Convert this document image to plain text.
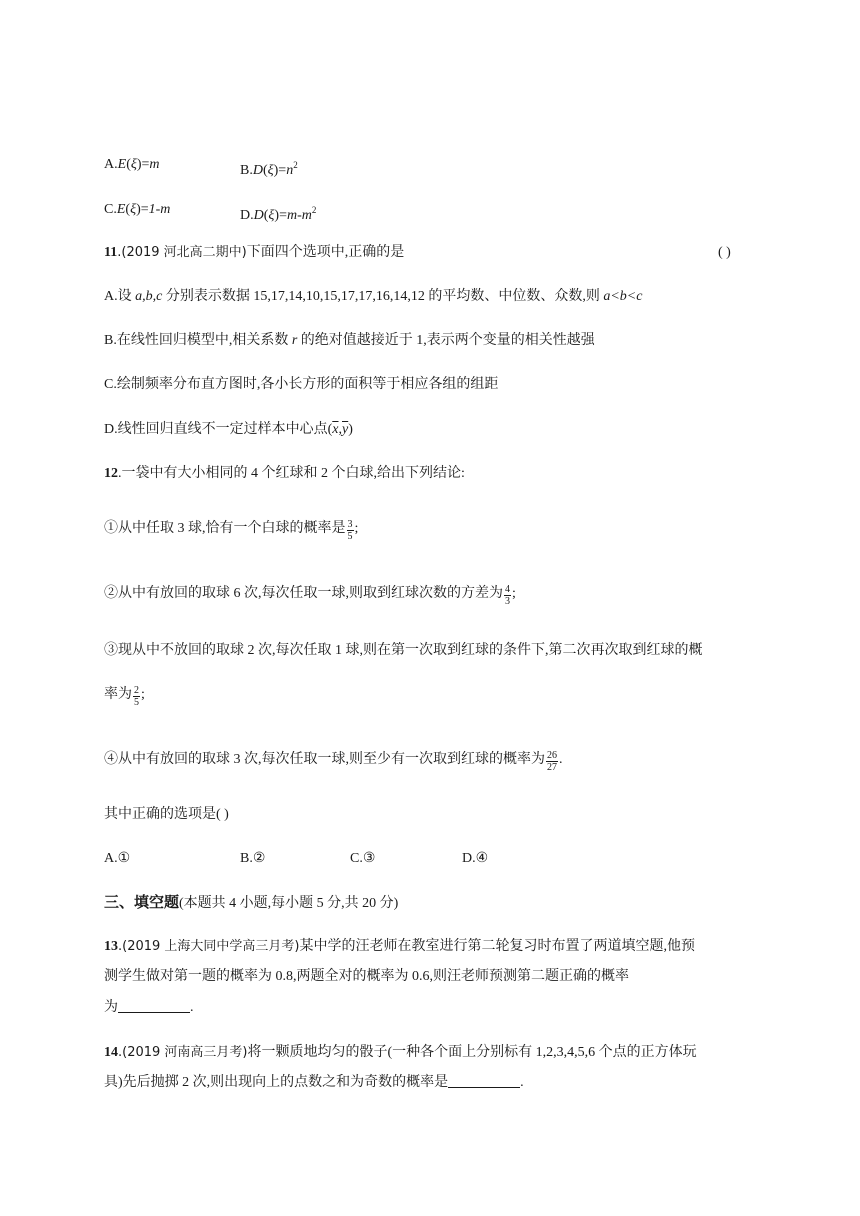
A.E(ξ)=m	$B.D(\xi)=n^2$
C.E(ξ)=1-m	$D.D(\xi)=m-m^2$
11.(2019 河北高二期中)下面四个选项中,正确的是	( )
A.设 a,b,c 分别表示数据 15,17,14,10,15,17,17,16,14,12 的平均数、中位数、众数,则 a<b<c
B.在线性回归模型中,相关系数 r 的绝对值越接近于 1,表示两个变量的相关性越强
C.绘制频率分布直方图时,各小长方形的面积等于相应各组的组距
D.线性回归直线不一定过样本中心点$(\overline{x},\overline{y})$
12.一袋中有大小相同的 4 个红球和 2 个白球,给出下列结论:
①从中任取 3 球,恰有一个白球的概率是 $\frac{3}{5}$ ;
②从中有放回的取球 6 次,每次任取一球,则取到红球次数的方差为 $\frac{4}{3}$ ;
③现从中不放回的取球 2 次,每次任取 1 球,则在第一次取到红球的条件下,第二次再次取到红球的概
率为 $\frac{2}{5}$ ;
④从中有放回的取球 3 次,每次任取一球,则至少有一次取到红球的概率为 $\frac{26}{27}$ .
其中正确的选项是( )
A.①	B.②	C.③	D.④
三、填空题(本题共 4 小题,每小题 5 分,共 20 分)
13.(2019 上海大同中学高三月考)某中学的汪老师在教室进行第二轮复习时布置了两道填空题,他预
测学生做对第一题的概率为 0.8,两题全对的概率为 0.6,则汪老师预测第二题正确的概率
为	.
14.(2019 河南高三月考)将一颗质地均匀的骰子(一种各个面上分别标有 1,2,3,4,5,6 个点的正方体玩
具)先后抛掷 2 次,则出现向上的点数之和为奇数的概率是	.
